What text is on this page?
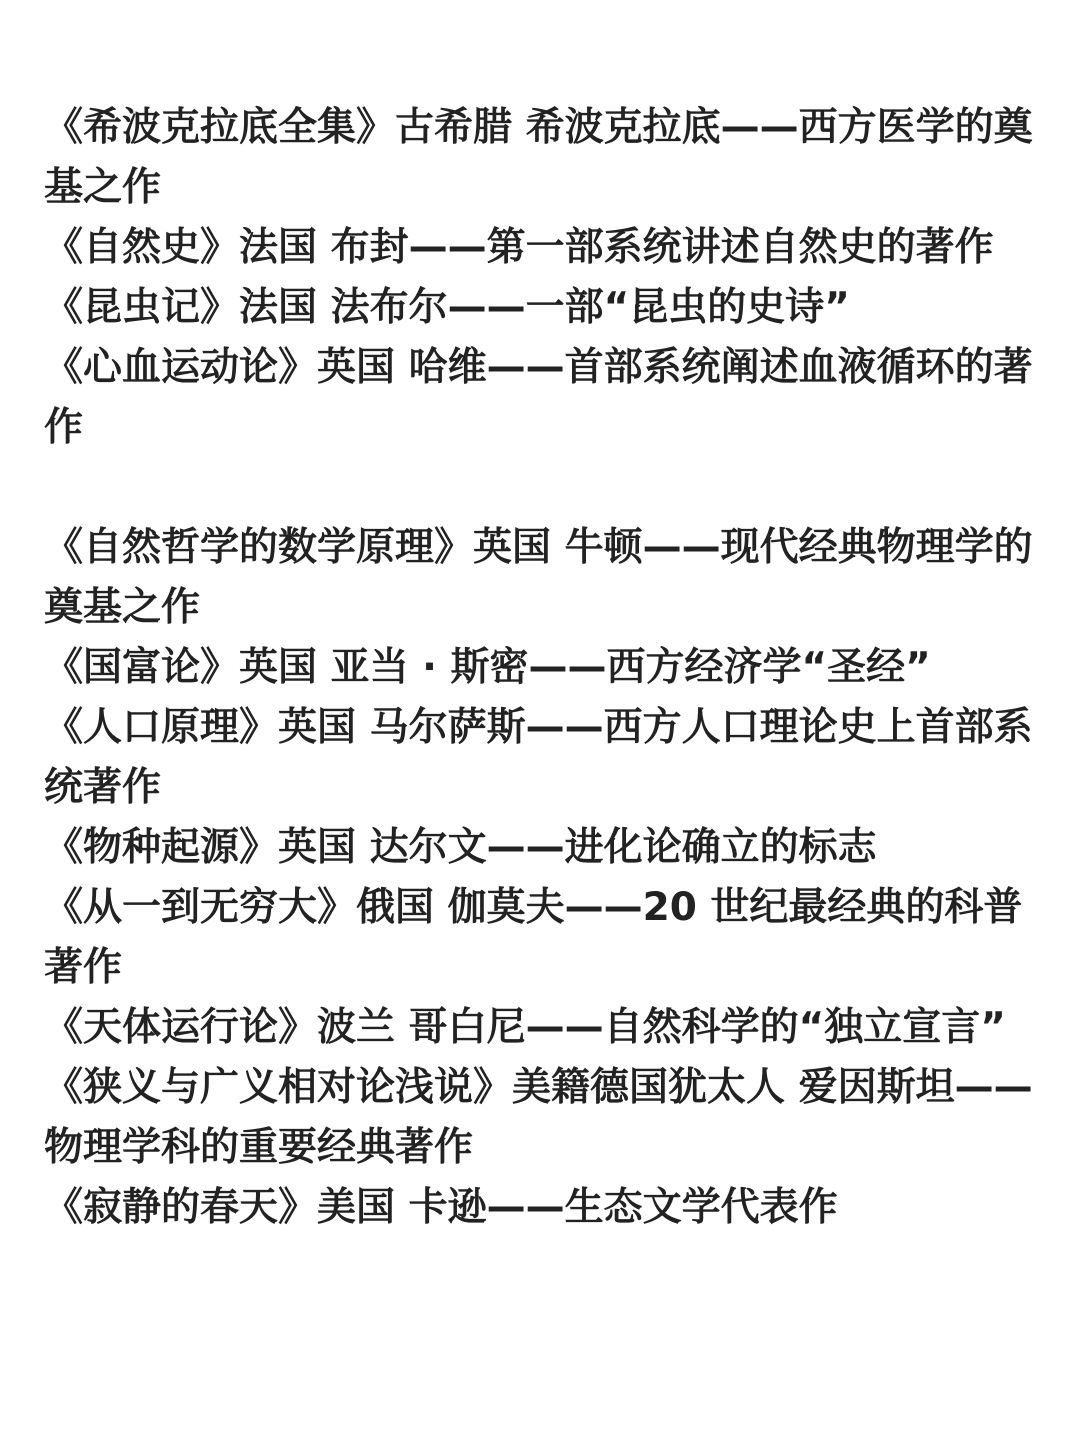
《希波克拉底全集》古希腊 希波克拉底——西方医学的奠基之作

《自然史》法国 布封——第一部系统讲述自然史的著作

《昆虫记》法国 法布尔——一部“昆虫的史诗”

《心血运动论》英国 哈维——首部系统阐述血液循环的著作

《自然哲学的数学原理》英国 牛顿——现代经典物理学的奠基之作

《国富论》英国 亚当 · 斯密——西方经济学“圣经”

《人口原理》英国 马尔萨斯——西方人口理论史上首部系统著作

《物种起源》英国 达尔文——进化论确立的标志

《从一到无穷大》俄国 伽莫夫——20 世纪最经典的科普著作

《天体运行论》波兰 哥白尼——自然科学的“独立宣言”

《狭义与广义相对论浅说》美籍德国犹太人 爱因斯坦——物理学科的重要经典著作

《寂静的春天》美国 卡逊——生态文学代表作
